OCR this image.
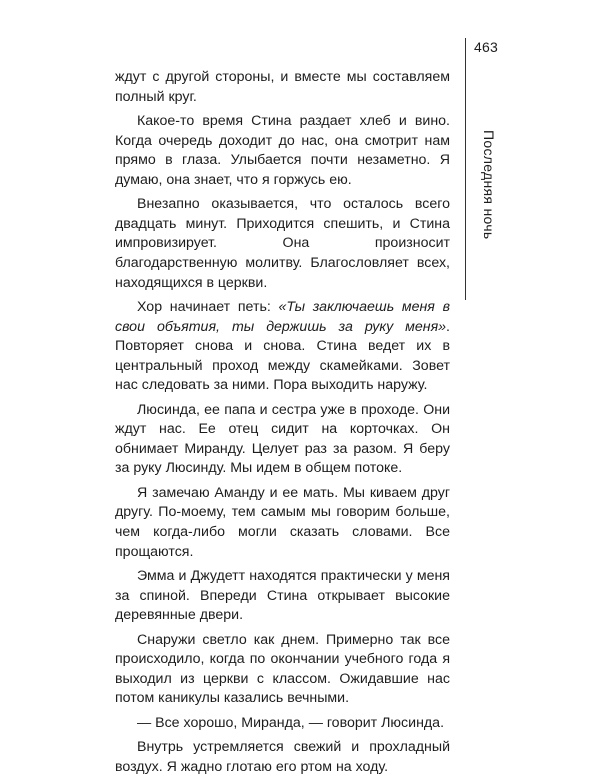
463
Последняя ночь

ждут с другой стороны, и вместе мы составляем полный круг.

Какое-то время Стина раздает хлеб и вино. Когда очередь доходит до нас, она смотрит нам прямо в глаза. Улыбается почти незаметно. Я думаю, она знает, что я горжусь ею.

Внезапно оказывается, что осталось всего двадцать минут. Приходится спешить, и Стина импровизирует. Она произносит благодарственную молитву. Благословляет всех, находящихся в церкви.

Хор начинает петь: «Ты заключаешь меня в свои объятия, ты держишь за руку меня». Повторяет снова и снова. Стина ведет их в центральный проход между скамейками. Зовет нас следовать за ними. Пора выходить наружу.

Люсинда, ее папа и сестра уже в проходе. Они ждут нас. Ее отец сидит на корточках. Он обнимает Миранду. Целует раз за разом. Я беру за руку Люсинду. Мы идем в общем потоке.

Я замечаю Аманду и ее мать. Мы киваем друг другу. По-моему, тем самым мы говорим больше, чем когда-либо могли сказать словами. Все прощаются.

Эмма и Джудетт находятся практически у меня за спиной. Впереди Стина открывает высокие деревянные двери.

Снаружи светло как днем. Примерно так все происходило, когда по окончании учебного года я выходил из церкви с классом. Ожидавшие нас потом каникулы казались вечными.

— Все хорошо, Миранда, — говорит Люсинда.

Внутрь устремляется свежий и прохладный воздух. Я жадно глотаю его ртом на ходу.
